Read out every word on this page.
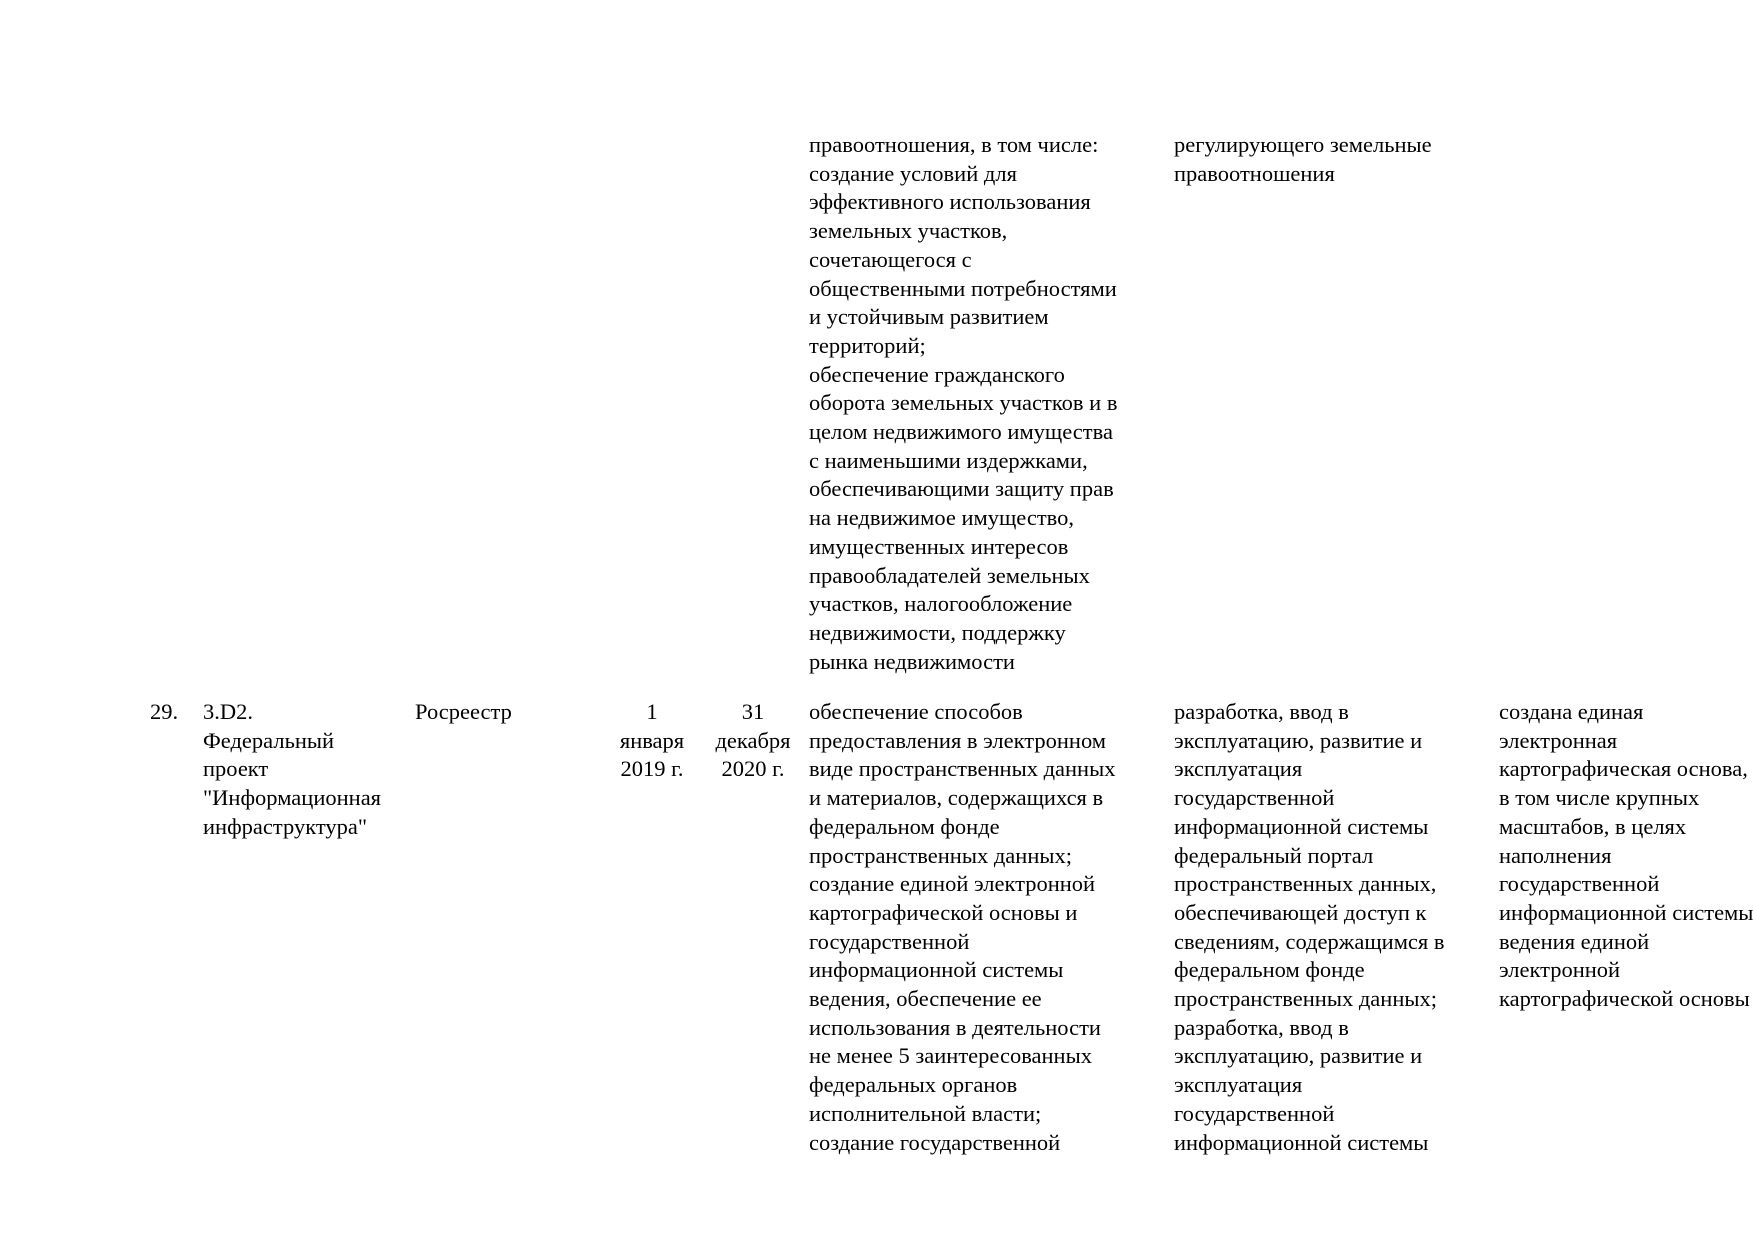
правоотношения, в том числе:
создание условий для
эффективного использования
земельных участков,
сочетающегося с
общественными потребностями
и устойчивым развитием
территорий;
обеспечение гражданского
оборота земельных участков и в
целом недвижимого имущества
с наименьшими издержками,
обеспечивающими защиту прав
на недвижимое имущество,
имущественных интересов
правообладателей земельных
участков, налогообложение
недвижимости, поддержку
рынка недвижимости

регулирующего земельные
правоотношения

29.	3.D2.
Федеральный
проект
"Информационная
инфраструктура"

Росреестр	1
января
2019 г.

31
декабря
2020 г.

обеспечение способов
предоставления в электронном
виде пространственных данных
и материалов, содержащихся в
федеральном фонде
пространственных данных;
создание единой электронной
картографической основы и
государственной
информационной системы
ведения, обеспечение ее
использования в деятельности
не менее 5 заинтересованных
федеральных органов
исполнительной власти;
создание государственной

разработка, ввод в
эксплуатацию, развитие и
эксплуатация
государственной
информационной системы
федеральный портал
пространственных данных,
обеспечивающей доступ к
сведениям, содержащимся в
федеральном фонде
пространственных данных;
разработка, ввод в
эксплуатацию, развитие и
эксплуатация
государственной
информационной системы

создана единая
электронная
картографическая основа,
в том числе крупных
масштабов, в целях
наполнения
государственной
информационной системы
ведения единой
электронной
картографической основы
